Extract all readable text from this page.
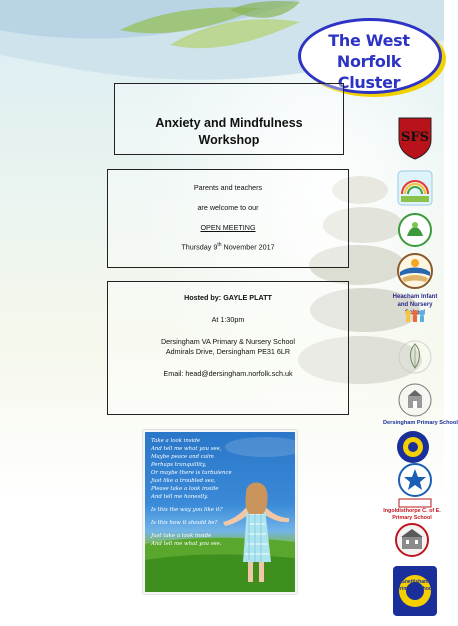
The West Norfolk
Cluster
Anxiety and Mindfulness
Workshop
Parents and teachers
are welcome to our
OPEN MEETING
Thursday 9th November 2017
Hosted by: GAYLE PLATT
At 1:30pm
Dersingham VA Primary & Nursery School
Admirals Drive, Dersingham PE31 6LR
Email: head@dersingham.norfolk.sch.uk
Take a look inside
And tell me what you see,
Maybe peace and calm
Perhaps tranquillity,
Or maybe there is turbulence
Just like a troubled sea,
Please take a look inside
And tell me honestly.
Is this the way you like it?
Is this how it should be?
Just take a look inside
And tell me what you see.
SFS
Heacham Infant and Nursery
Dersingham Primary School
Ingoldisthorpe C. of E. Primary School
Snettisham Primary School
